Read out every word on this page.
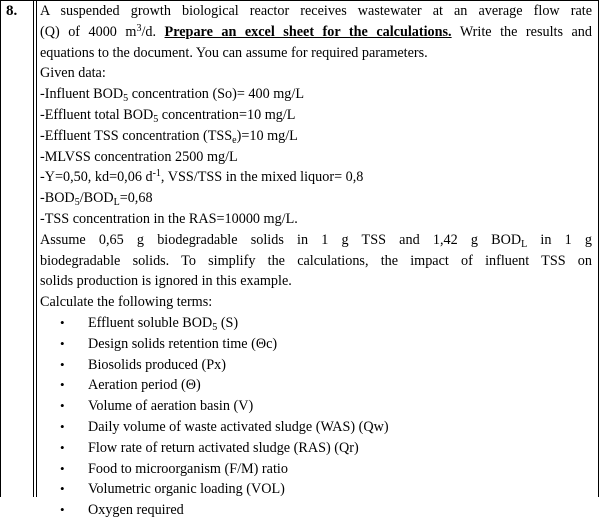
8. A suspended growth biological reactor receives wastewater at an average flow rate
(Q) of 4000 $m^3/d$. Prepare an excel sheet for the calculations. Write the results and
equations to the document. You can assume for required parameters.
Given data:
-Influent $BOD_5$ concentration (So)= 400 mg/L
-Effluent total $BOD_5$ concentration=10 mg/L
-Effluent TSS concentration $(TSS_e)=10$ mg/L
-MLVSS concentration 2500 mg/L
-Y=0,50, kd=0,06 $d^{-1}$, VSS/TSS in the mixed liquor= 0,8
$-BOD_5/BOD_L=0,68$
-TSS concentration in the RAS=10000 mg/L.
Assume 0,65 g biodegradable solids in 1 g TSS and 1,42 g $BOD_L$ in 1 g
biodegradable solids. To simplify the calculations, the impact of influent TSS on
solids production is ignored in this example.
Calculate the following terms:
• Effluent soluble $BOD_5$ (S)
• Design solids retention time (Θc)
• Biosolids produced (Px)
• Aeration period (Θ)
• Volume of aeration basin (V)
• Daily volume of waste activated sludge (WAS) (Qw)
• Flow rate of return activated sludge (RAS) (Qr)
• Food to microorganism (F/M) ratio
• Volumetric organic loading (VOL)
• Oxygen required
